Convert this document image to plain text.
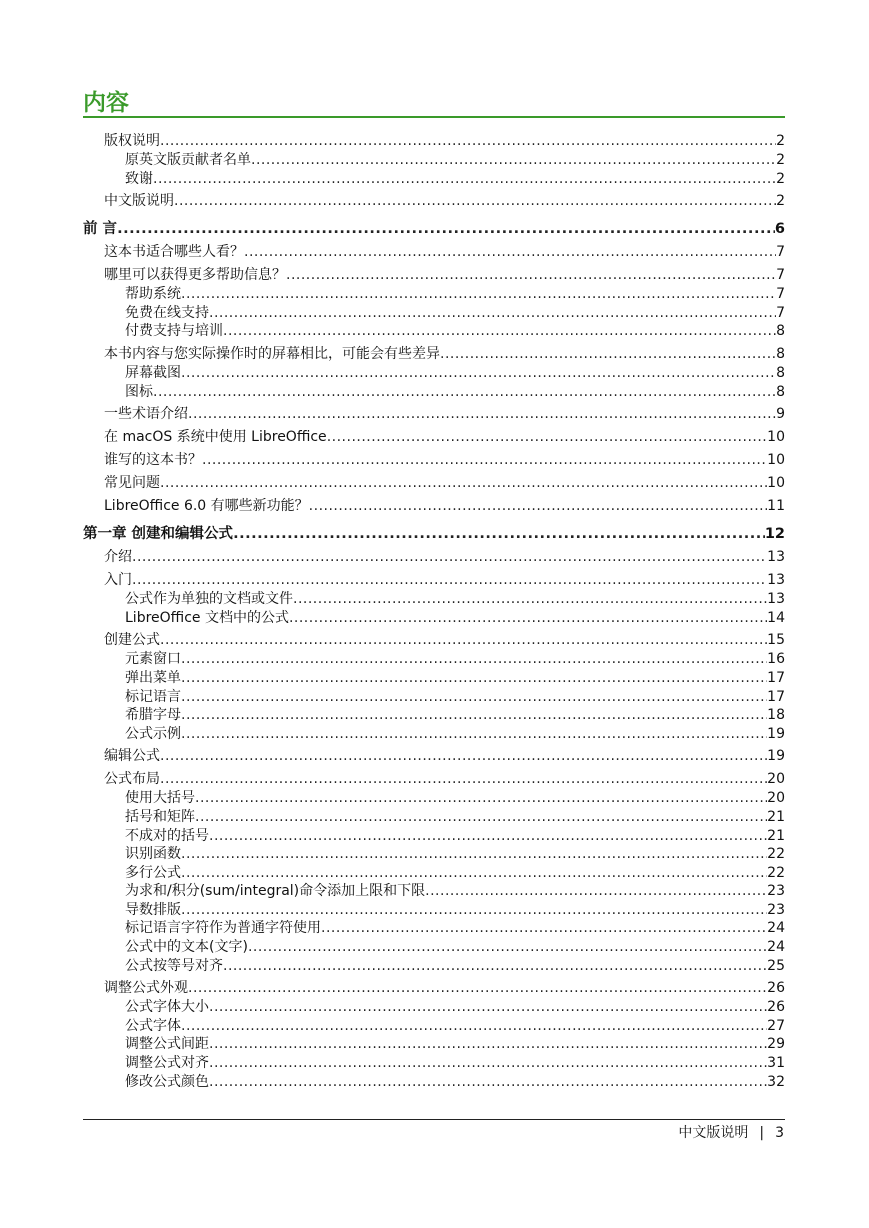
内容
版权说明 .....	2
原英文版贡献者名单 .....	2
致谢 .....	2
中文版说明 .....	2
前 言 .....	6
这本书适合哪些人看？ .....	7
哪里可以获得更多帮助信息？ .....	7
帮助系统 .....	7
免费在线支持 .....	7
付费支持与培训 .....	8
本书内容与您实际操作时的屏幕相比，可能会有些差异 .....	8
屏幕截图 .....	8
图标 .....	8
一些术语介绍 .....	9
在 macOS 系统中使用 LibreOffice .....	10
谁写的这本书？ .....	10
常见问题 .....	10
LibreOffice 6.0 有哪些新功能？ .....	11
第一章 创建和编辑公式 .....	12
介绍 .....	13
入门 .....	13
公式作为单独的文档或文件 .....	13
LibreOffice 文档中的公式 .....	14
创建公式 .....	15
元素窗口 .....	16
弹出菜单 .....	17
标记语言 .....	17
希腊字母 .....	18
公式示例 .....	19
编辑公式 .....	19
公式布局 .....	20
使用大括号 .....	20
括号和矩阵 .....	21
不成对的括号 .....	21
识别函数 .....	22
多行公式 .....	22
为求和/积分(sum/integral)命令添加上限和下限 .....	23
导数排版 .....	23
标记语言字符作为普通字符使用 .....	24
公式中的文本(文字) .....	24
公式按等号对齐 .....	25
调整公式外观 .....	26
公式字体大小 .....	26
公式字体 .....	27
调整公式间距 .....	29
调整公式对齐 .....	31
修改公式颜色 .....	32
中文版说明 | 3
